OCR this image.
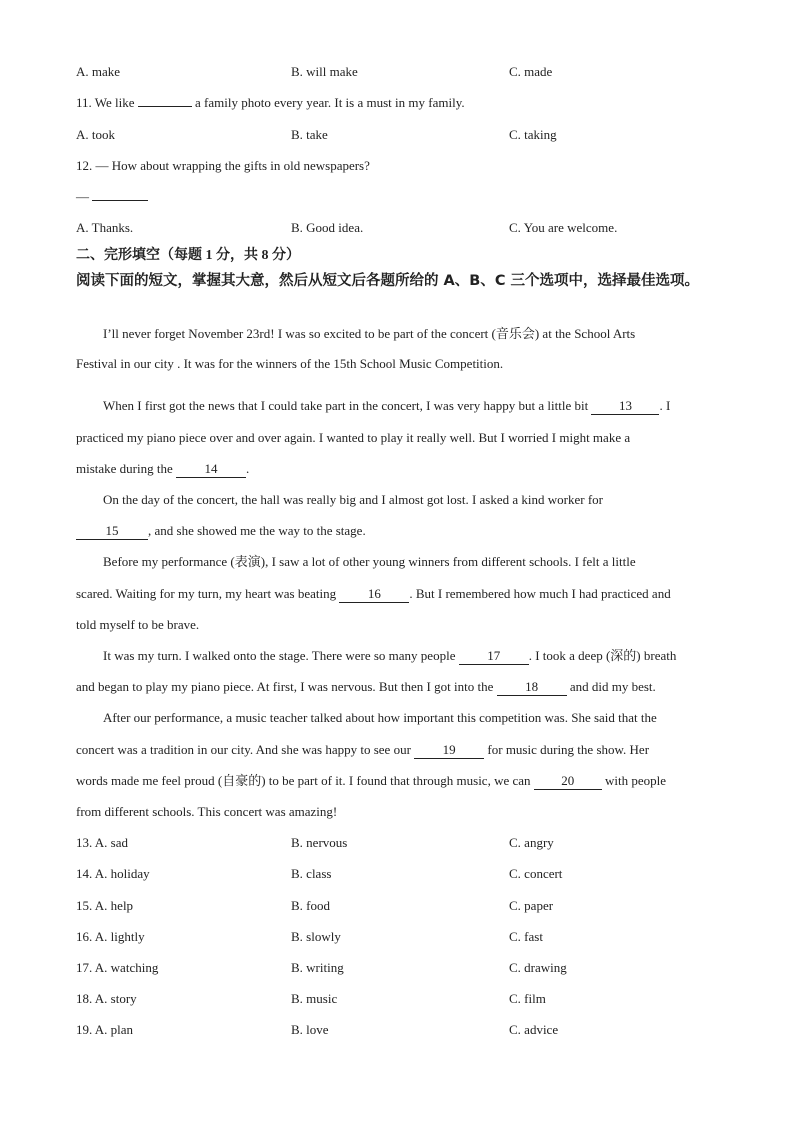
A. make	B. will make	C. made
11. We like	a family photo every year. It is a must in my family.
A. took	B. take	C. taking
12. — How about wrapping the gifts in old newspapers?
—
A. Thanks.	B. Good idea.	C. You are welcome.
二、完形填空（每题 1 分，共 8 分）
阅读下面的短文，掌握其大意，然后从短文后各题所给的 A、B、C 三个选项中，选择最佳选项。
I’ll never forget November 23rd! I was so excited to be part of the concert (音乐会) at the School Arts
Festival in our city . It was for the winners of the 15th School Music Competition.
When I first got the news that I could take part in the concert, I was very happy but a little bit 13 . I
practiced my piano piece over and over again. I wanted to play it really well. But I worried I might make a
mistake during the 14 .
On the day of the concert, the hall was really big and I almost got lost. I asked a kind worker for
15 , and she showed me the way to the stage.
Before my performance (表演), I saw a lot of other young winners from different schools. I felt a little
scared. Waiting for my turn, my heart was beating 16 . But I remembered how much I had practiced and
told myself to be brave.
It was my turn. I walked onto the stage. There were so many people 17 . I took a deep (深的) breath
and began to play my piano piece. At first, I was nervous. But then I got into the 18 and did my best.
After our performance, a music teacher talked about how important this competition was. She said that the
concert was a tradition in our city. And she was happy to see our 19 for music during the show. Her
words made me feel proud (自豪的) to be part of it. I found that through music, we can 20 with people
from different schools. This concert was amazing!
13. A. sad	B. nervous	C. angry
14. A. holiday	B. class	C. concert
15. A. help	B. food	C. paper
16. A. lightly	B. slowly	C. fast
17. A. watching	B. writing	C. drawing
18. A. story	B. music	C. film
19. A. plan	B. love	C. advice
